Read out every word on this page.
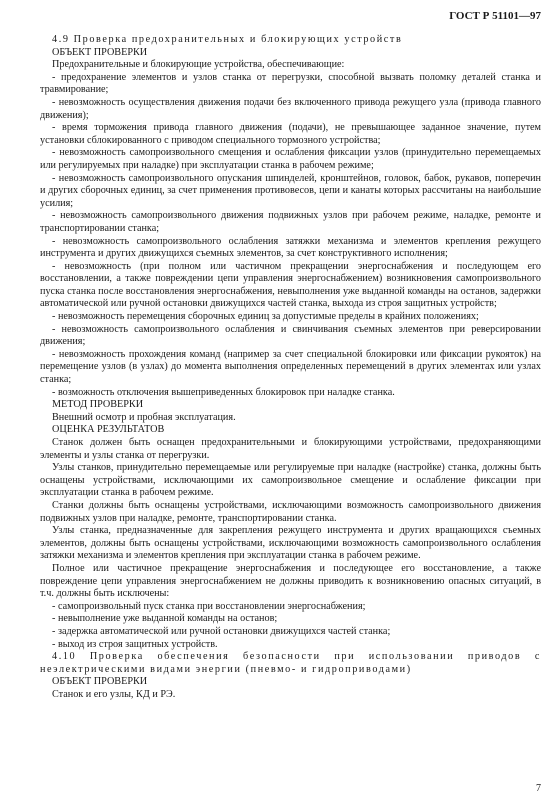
ГОСТ Р 51101—97

4.9 Проверка предохранительных и блокирующих устройств

ОБЪЕКТ ПРОВЕРКИ

Предохранительные и блокирующие устройства, обеспечивающие:

- предохранение элементов и узлов станка от перегрузки, способной вызвать поломку деталей станка и травмирование;

- невозможность осуществления движения подачи без включенного привода режущего узла (привода главного движения);

- время торможения привода главного движения (подачи), не превышающее заданное значение, путем установки сблокированного с приводом специального тормозного устройства;

- невозможность самопроизвольного смещения и ослабления фиксации узлов (принудительно перемещаемых или регулируемых при наладке) при эксплуатации станка в рабочем режиме;

- невозможность самопроизвольного опускания шпинделей, кронштейнов, головок, бабок, рукавов, поперечин и других сборочных единиц, за счет применения противовесов, цепи и канаты которых рассчитаны на наибольшие усилия;

- невозможность самопроизвольного движения подвижных узлов при рабочем режиме, наладке, ремонте и транспортировании станка;

- невозможность самопроизвольного ослабления затяжки механизма и элементов крепления режущего инструмента и других движущихся съемных элементов, за счет конструктивного исполнения;

- невозможность (при полном или частичном прекращении энергоснабжения и последующем его восстановлении, а также повреждении цепи управления энергоснабжением) возникновения самопроизвольного пуска станка после восстановления энергоснабжения, невыполнения уже выданной команды на останов, задержки автоматической или ручной остановки движущихся частей станка, выхода из строя защитных устройств;

- невозможность перемещения сборочных единиц за допустимые пределы в крайних положениях;

- невозможность самопроизвольного ослабления и свинчивания съемных элементов при реверсировании движения;

- невозможность прохождения команд (например за счет специальной блокировки или фиксации рукояток) на перемещение узлов (в узлах) до момента выполнения определенных перемещений в других элементах или узлах станка;

- возможность отключения вышеприведенных блокировок при наладке станка.

МЕТОД ПРОВЕРКИ

Внешний осмотр и пробная эксплуатация.

ОЦЕНКА РЕЗУЛЬТАТОВ

Станок должен быть оснащен предохранительными и блокирующими устройствами, предохраняющими элементы и узлы станка от перегрузки.

Узлы станков, принудительно перемещаемые или регулируемые при наладке (настройке) станка, должны быть оснащены устройствами, исключающими их самопроизвольное смещение и ослабление фиксации при эксплуатации станка в рабочем режиме.

Станки должны быть оснащены устройствами, исключающими возможность самопроизвольного движения подвижных узлов при наладке, ремонте, транспортировании станка.

Узлы станка, предназначенные для закрепления режущего инструмента и других вращающихся съемных элементов, должны быть оснащены устройствами, исключающими возможность самопроизвольного ослабления затяжки механизма и элементов крепления при эксплуатации станка в рабочем режиме.

Полное или частичное прекращение энергоснабжения и последующее его восстановление, а также повреждение цепи управления энергоснабжением не должны приводить к возникновению опасных ситуаций, в т.ч. должны быть исключены:

- самопроизвольный пуск станка при восстановлении энергоснабжения;

- невыполнение уже выданной команды на останов;

- задержка автоматической или ручной остановки движущихся частей станка;

- выход из строя защитных устройств.

4.10 Проверка обеспечения безопасности при использовании приводов с неэлектрическими видами энергии (пневмо- и гидроприводами)

ОБЪЕКТ ПРОВЕРКИ

Станок и его узлы, КД и РЭ.

7
